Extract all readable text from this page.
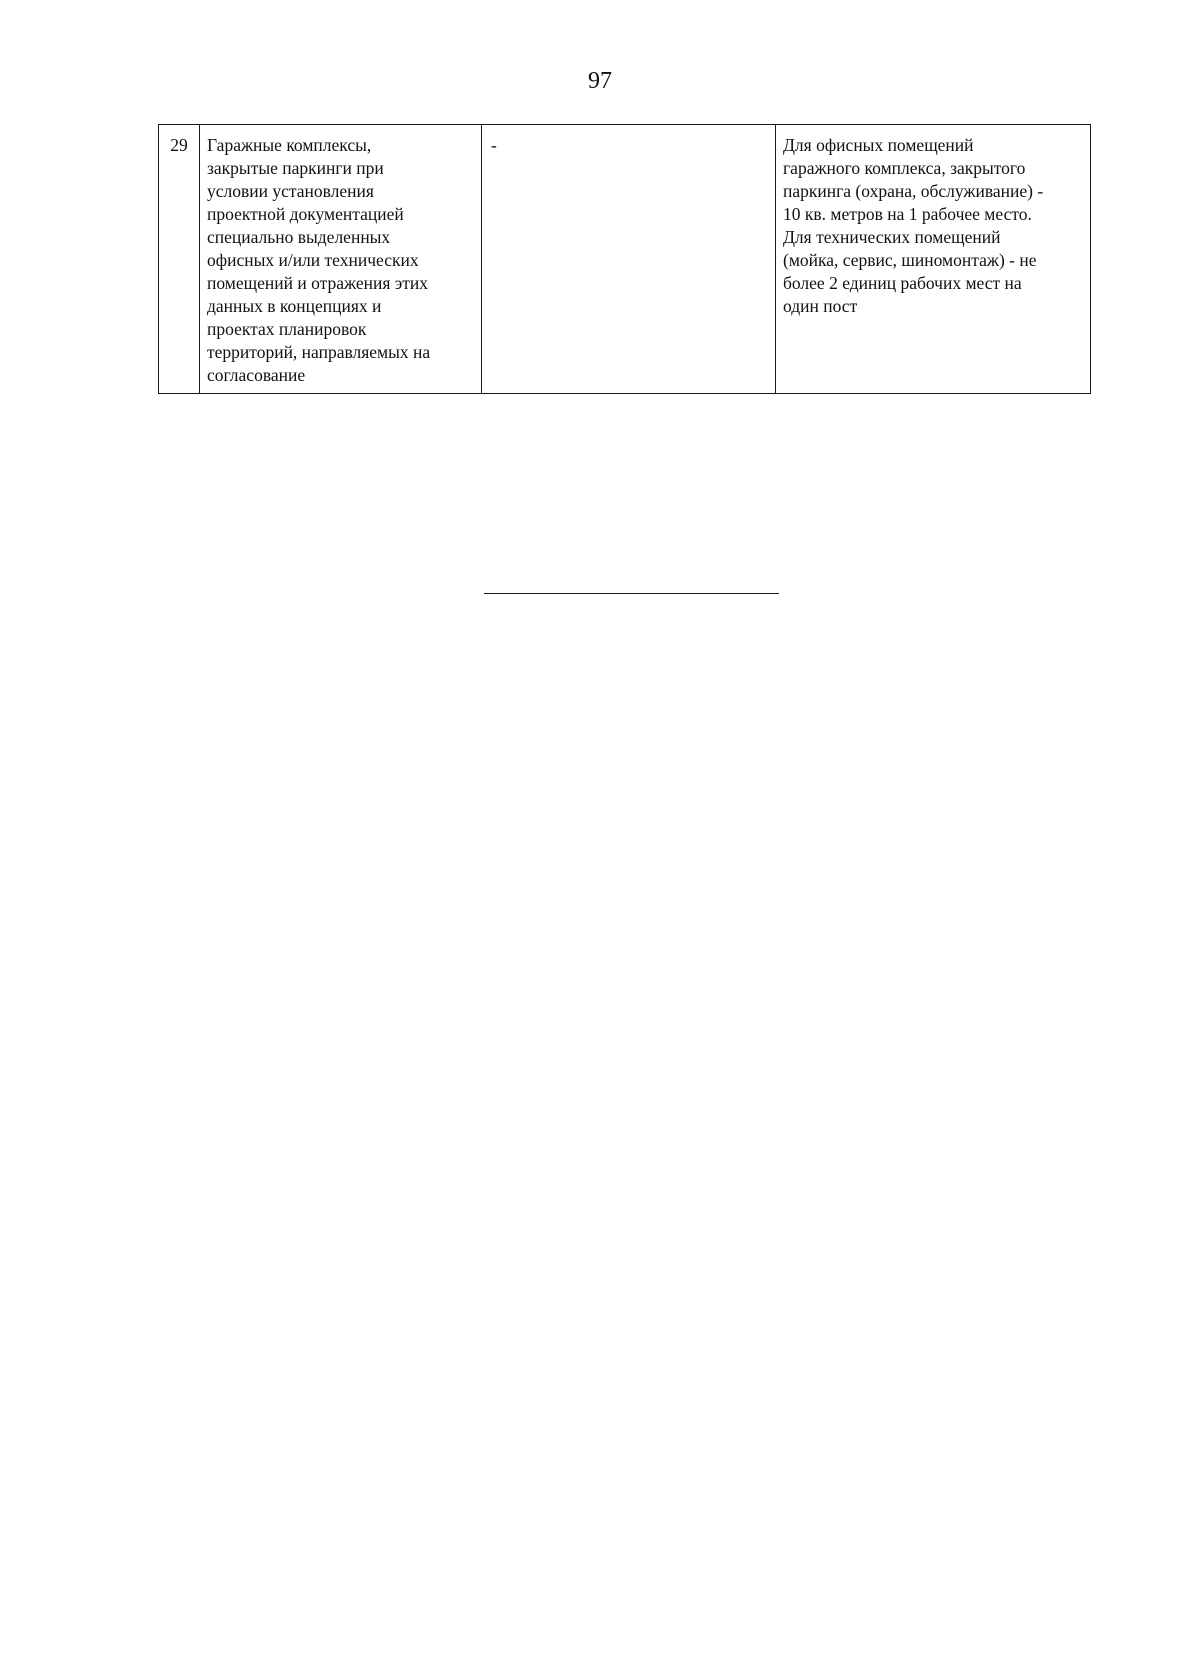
97
29	Гаражные комплексы,
закрытые паркинги при
условии установления
проектной документацией
специально выделенных
офисных и/или технических
помещений и отражения этих
данных в концепциях и
проектах планировок
территорий, направляемых на
согласование	-	Для офисных помещений
гаражного комплекса, закрытого
паркинга (охрана, обслуживание) -
10 кв. метров на 1 рабочее место.
Для технических помещений
(мойка, сервис, шиномонтаж) - не
более 2 единиц рабочих мест на
один пост
